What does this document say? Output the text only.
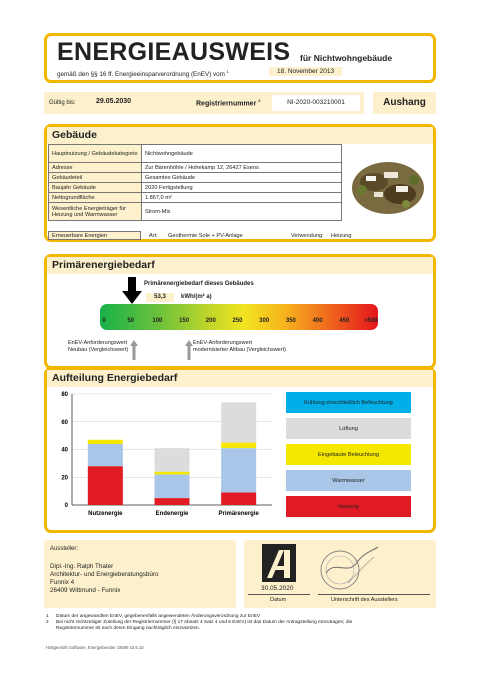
ENERGIEAUSWEIS für Nichtwohngebäude
gemäß den §§ 16 ff. Energieeinsparverordnung (EnEV) vom $^1$	18. November 2013
Gültig bis:	29.05.2030	Registriernummer $^2$	NI-2020-003210001	Aushang
Gebäude
Hauptnutzung / Gebäudekategorie	Nichtwohngebäude
Adresse	Zur Bärenhöhle / Hohekamp 12, 26427 Esens
Gebäudeteil	Gesamtes Gebäude
Baujahr Gebäude	2020 Fertigstellung
Nettogrundfläche	1.867,0 m²
Wesentliche Energieträger für Heizung und Warmwasser	Strom-Mix
Erneuerbare Energien	Art: Geothermie Sole + PV-Anlage	Verwendung: Heizung
Primärenergiebedarf
Primärenergiebedarf dieses Gebäudes
53,3	kWh/(m² a)
0	50	100	150	200	250	300	350	400	450 >500
EnEV-Anforderungswert
Neubau (Vergleichswert)
EnEV-Anforderungswert
modernisierter Altbau (Vergleichswert)
Aufteilung Energiebedarf
0
20
40
60
80
Nutzenergie	Endenergie	Primärenergie
Kühlung einschließlich Befeuchtung
Lüftung
Eingebaute Beleuchtung
Warmwasser
Heizung
Aussteller:
Dipl.-Ing. Ralph Thater
Architektur- und Energieberatungsbüro
Funnix 4
26409 Wittmund - Funnix	30.05.2020
Datum	Unterschrift des Ausstellers
1 Datum der angewandten EnEV, gegebenenfalls angewendeten Änderungsverordnung zur EnEV
2 Bei nicht rechtzeitiger Zuteilung der Registriernummer (§ 17 Absatz 4 Satz 4 und 5 EnEV) ist das Datum der Antragstellung einzutragen; die
Registriernummer ist nach deren Eingang nachträglich einzusetzen.
Hottgenroth Software, Energieberater 18599 10.5.10
